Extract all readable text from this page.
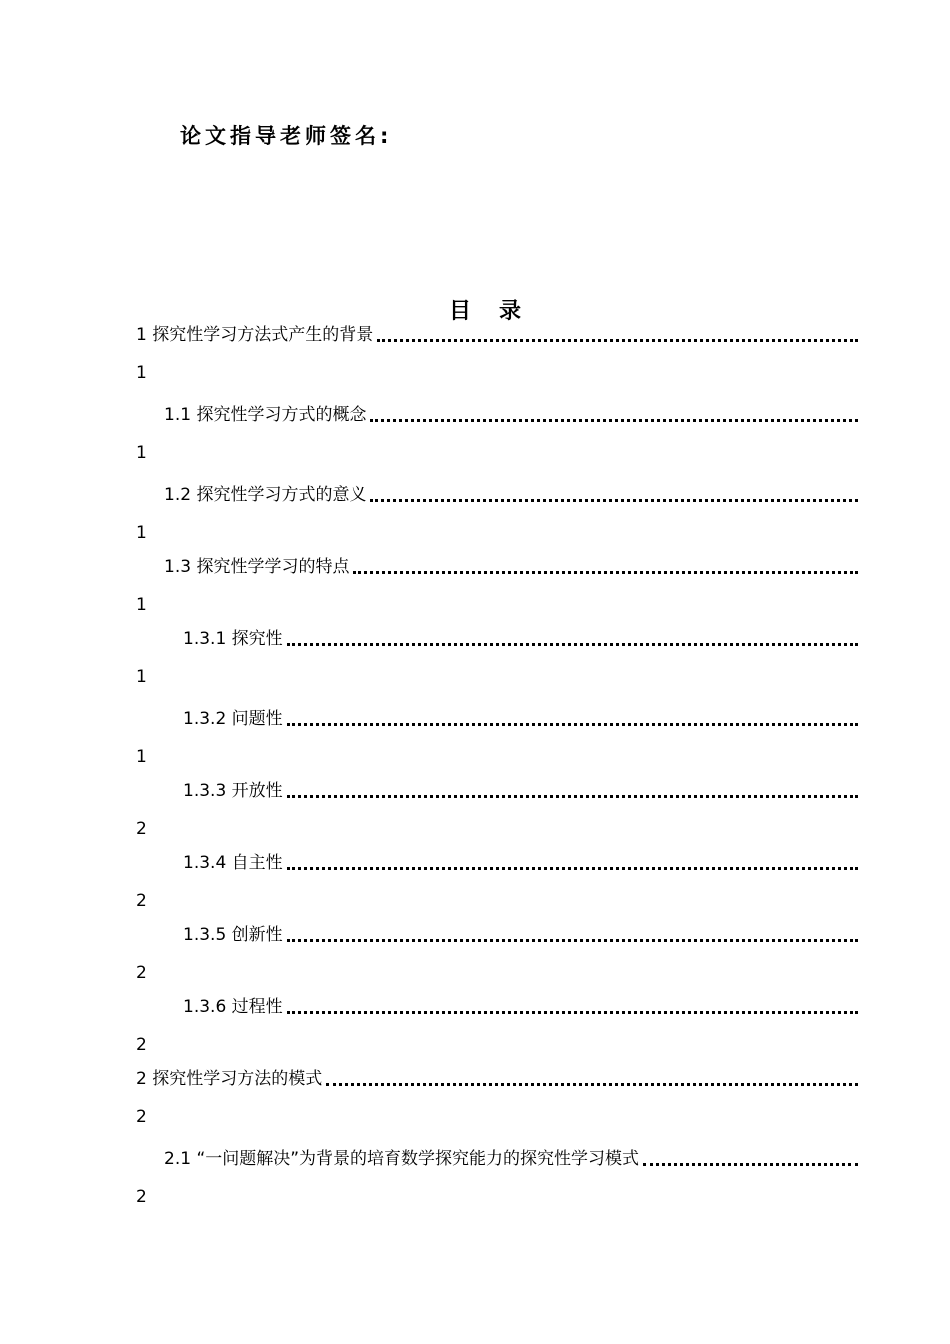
论文指导老师签名:
目录
1 探究性学习方法式产生的背景
1
1.1 探究性学习方式的概念
1
1.2 探究性学习方式的意义
1
1.3 探究性学学习的特点
1
1.3.1 探究性
1
1.3.2 问题性
1
1.3.3 开放性
2
1.3.4 自主性
2
1.3.5 创新性
2
1.3.6 过程性
2
2 探究性学习方法的模式
2
2.1 “一问题解决”为背景的培育数学探究能力的探究性学习模式
2
